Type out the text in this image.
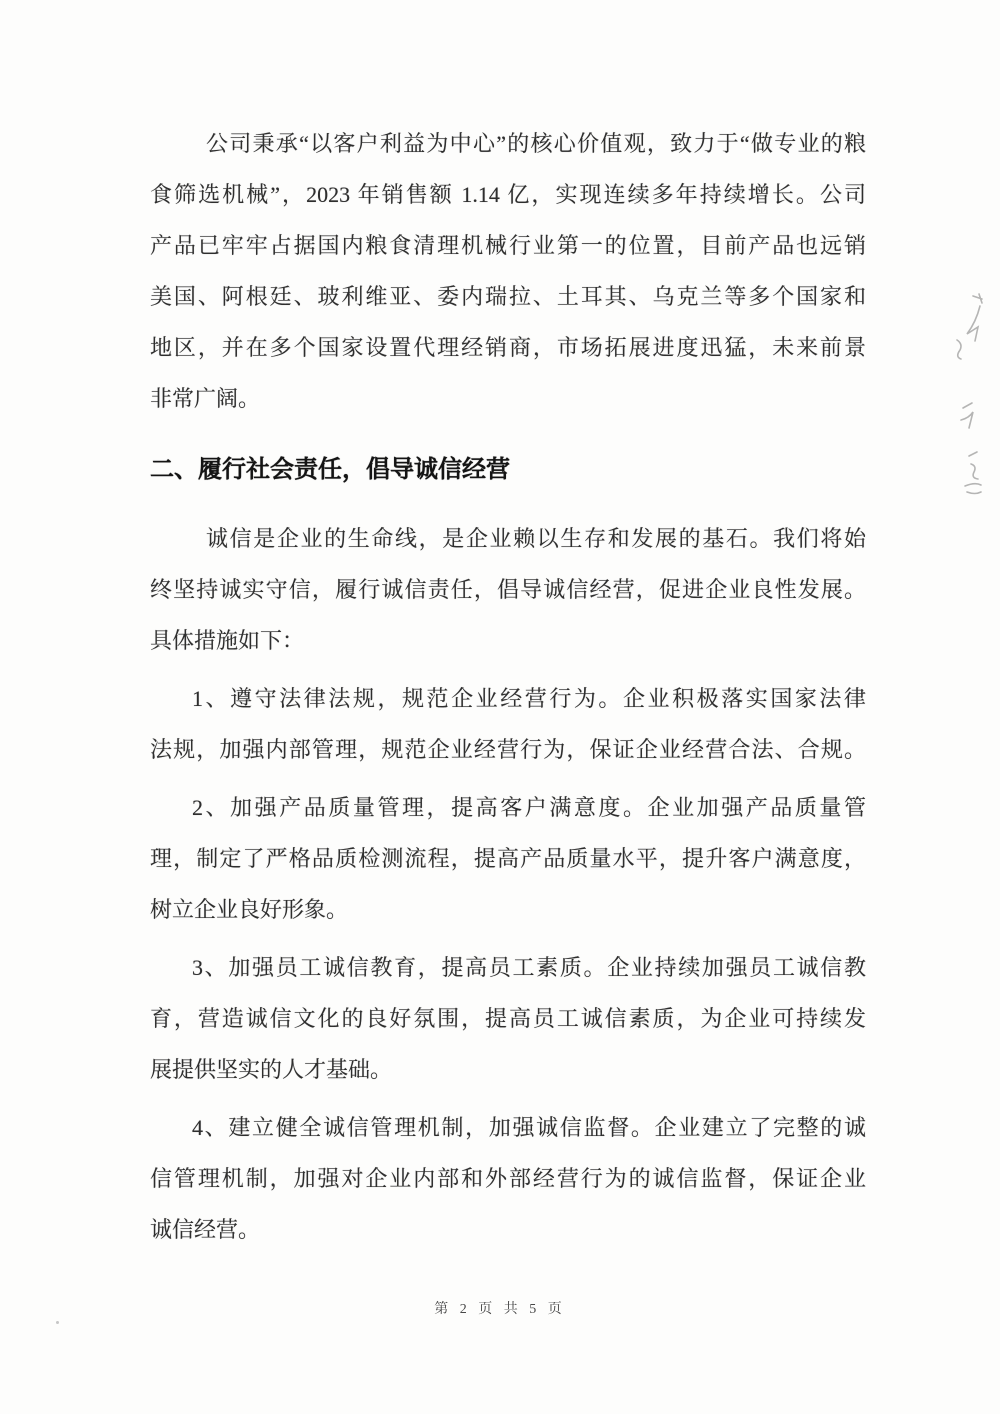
公司秉承“以客户利益为中心”的核心价值观，致力于“做专业的粮
食筛选机械”，2023 年销售额 1.14 亿，实现连续多年持续增长。公司
产品已牢牢占据国内粮食清理机械行业第一的位置，目前产品也远销
美国、阿根廷、玻利维亚、委内瑞拉、土耳其、乌克兰等多个国家和
地区，并在多个国家设置代理经销商，市场拓展进度迅猛，未来前景
非常广阔。
二、履行社会责任，倡导诚信经营
诚信是企业的生命线，是企业赖以生存和发展的基石。我们将始
终坚持诚实守信，履行诚信责任，倡导诚信经营，促进企业良性发展。
具体措施如下：
1、遵守法律法规，规范企业经营行为。企业积极落实国家法律
法规，加强内部管理，规范企业经营行为，保证企业经营合法、合规。
2、加强产品质量管理，提高客户满意度。企业加强产品质量管
理，制定了严格品质检测流程，提高产品质量水平，提升客户满意度，
树立企业良好形象。
3、加强员工诚信教育，提高员工素质。企业持续加强员工诚信教
育，营造诚信文化的良好氛围，提高员工诚信素质，为企业可持续发
展提供坚实的人才基础。
4、建立健全诚信管理机制，加强诚信监督。企业建立了完整的诚
信管理机制，加强对企业内部和外部经营行为的诚信监督，保证企业
诚信经营。
第 2 页 共 5 页
